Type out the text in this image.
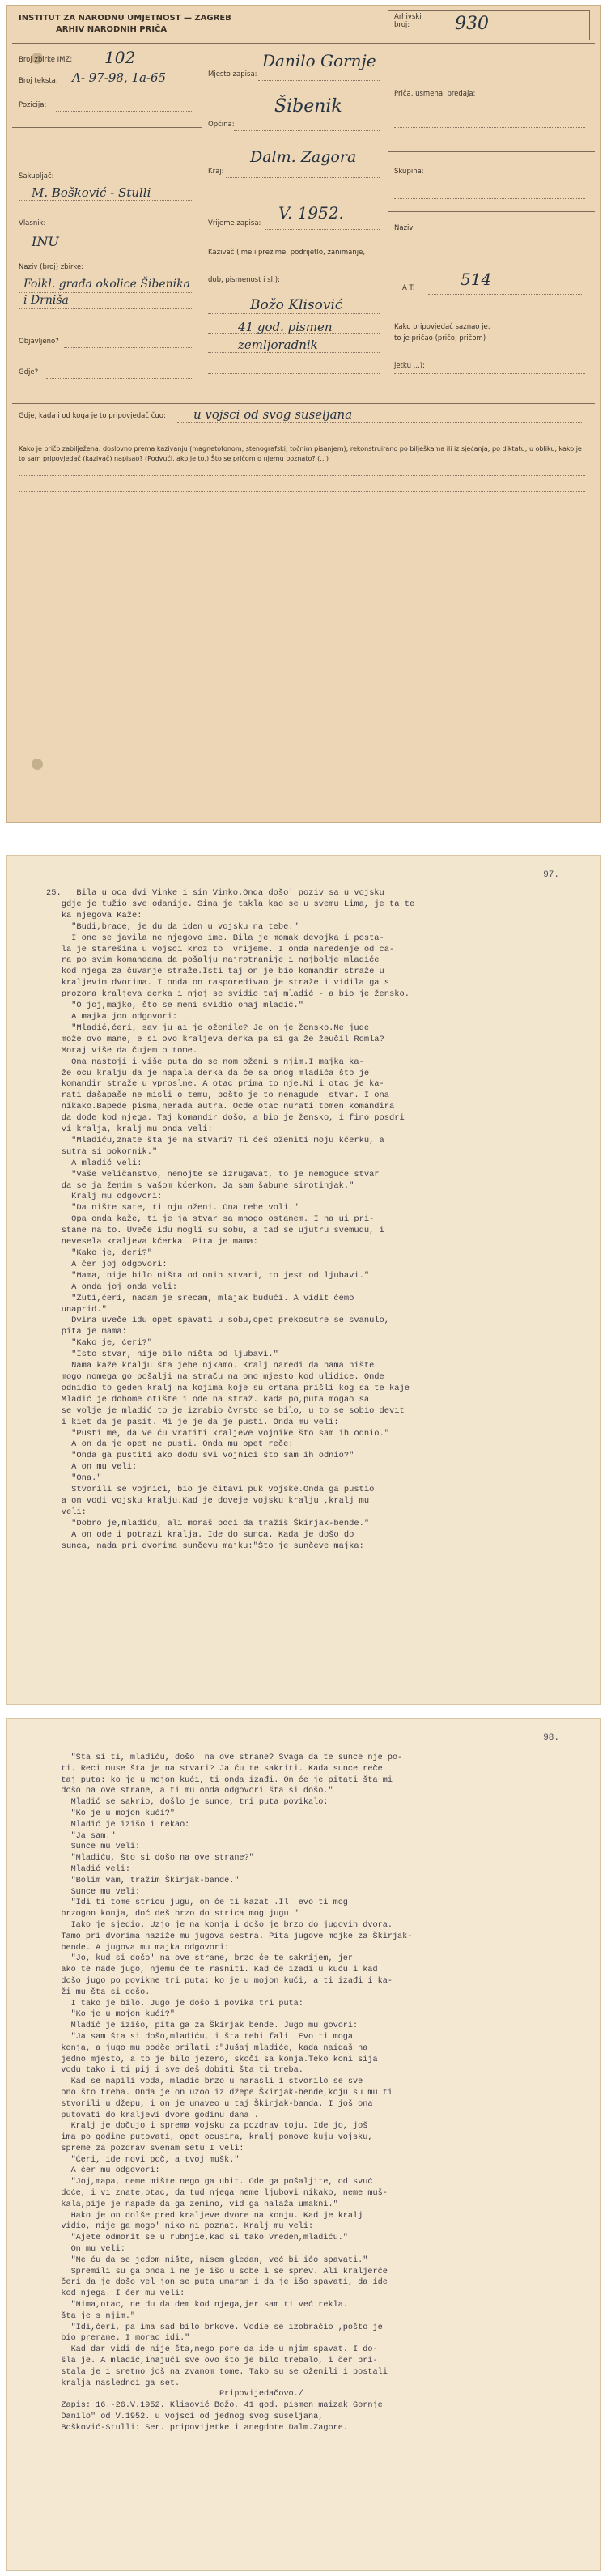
INSTITUT ZA NARODNU UMJETNOST — ZAGREB
ARHIV NARODNIH PRIČA
Arhivski broj:	930
Broj zbirke IMZ: 102
Broj teksta: A- 97-98, 1a-65
Pozicija:
Sakupljač:
M. Bošković - Stulli
Vlasnik:
INU
Naziv (broj) zbirke:
Folkl. građa okolice Šibenika i Drniša
Objavljeno?
Gdje?
Mjesto zapisa:
Danilo Gornje
Općina:
Šibenik
Kraj:
Dalm. Zagora
Vrijeme zapisa:
V. 1952.
Kazivač (ime i prezime, podrijetlo, zanimanje,
dob, pismenost i sl.):
Božo Klisović
41 god. pismen
zemljoradnik
Priča, usmena, predaja:
Skupina:
Naziv:
A T:	514
Kako pripovjedač saznao je,
to je pričao (pričo, pričom)
jetku ...):
Gdje, kada i od koga je to pripovjedač čuo: u vojsci od svog suseljana
Kako je pričo zabilježena: doslovno prema kazivanju (magnetofonom, stenografski, točnim pisanjem); rekonstruirano po bilješkama ili iz sjećanja; po diktatu; u obliku, kako je to sam pripovjedač (kazivač) napisao? (Podvući, ako je to.) Što se pričom o njemu poznato? (...)
97.
25.   Bila u oca dvi Vinke i sin Vinko.Onda došo' poziv sa u vojsku
gdje je tužio sve odanije. Sina je takla kao se u svemu Lima, je ta te
ka njegova Kaže:
"Budi,brace, je du da iden u vojsku na tebe."
I one se javila ne njegovo ime. Bila je momak devojka i posta-
la je starešina u vojsci kroz to  vrijeme. I onda naređenje od ca-
ra po svim komandama da pošalju najrotranije i najbolje mladiće
kod njega za čuvanje straže.Isti taj on je bio komandir straže u
kraljevim dvorima. I onda on rasporedivao je straže i vidila ga s
prozora kraljeva derka i njoj se svidio taj mladić - a bio je žensko.
"O joj,majko, što se meni svidio onaj mladić."
A majka jon odgovori:
"Mladić,ćeri, sav ju ai je oženile? Je on je žensko.Ne jude
može ovo mane, e si ovo kraljeva derka pa si ga že žeučil Romla?
Moraj više da čujem o tome.
Ona nastoji i više puta da se nom oženi s njim.I majka ka-
že ocu kralju da je napala derka da će sa onog mladića što je
komandir straže u vproslne. A otac prima to nje.Ni i otac je ka-
rati dašapaše ne misli o temu, pošto je to nenagude  stvar. I ona
nikako.Bapede pisma,nerada autra. Ocde otac nurati tomen komandira
da dođe kod njega. Taj komandir došo, a bio je žensko, i fino posdri
vi kralja, kralj mu onda veli:
"Mladiću,znate šta je na stvari? Ti ćeš oženiti moju kćerku, a
sutra si pokornik."
A mladić veli:
"Vaše veličanstvo, nemojte se izrugavat, to je nemoguće stvar
da se ja ženim s vašom kćerkom. Ja sam šabune sirotinjak."
Kralj mu odgovori:
"Da nište sate, ti nju oženi. Ona tebe voli."
Opa onda kaže, ti je ja stvar sa mnogo ostanem. I na ui pri-
stane na to. Uveče idu mogli su sobu, a tad se ujutru svemudu, i
nevesela kraljeva kćerka. Pita je mama:
"Kako je, deri?"
A ćer joj odgovori:
"Mama, nije bilo ništa od onih stvari, to jest od ljubavi."
A onda joj onda veli:
"Zuti,ćeri, nadam je srecam, mlajak budući. A vidit ćemo
unaprid."
Dvira uveče idu opet spavati u sobu,opet prekosutre se svanulo,
pita je mama:
"Kako je, ćeri?"
"Isto stvar, nije bilo ništa od ljubavi."
Nama kaže kralju šta jebe njkamo. Kralj naredi da nama nište
mogo nomega go pošalji na straču na ono mjesto kod ulidice. Onde
odnidio to geden kralj na kojima koje su crtama prišli kog sa te kaje
Mladić je dobome otište i ode na straž. kada po,puta mogao sa
se volje je mladić to je izrabio čvrsto se bilo, u to se sobio devit
i kiet da je pasit. Mi je je da je pusti. Onda mu veli:
"Pusti me, da ve ću vratiti kraljeve vojnike što sam ih odnio."
A on da je opet ne pusti. Onda mu opet reče:
"Onda ga pustiti ako dođu svi vojnici što sam ih odnio?"
A on mu veli:
"Ona."
Stvorili se vojnici, bio je čitavi puk vojske.Onda ga pustio
a on vodi vojsku kralju.Kad je doveje vojsku kralju ,kralj mu
veli:
"Dobro je,mladiću, ali moraš poći da tražiš Škirjak-bende."
A on ode i potrazi kralja. Ide do sunca. Kada je došo do
sunca, nada pri dvorima sunčevu majku:"Što je sunčeve majka:
98.
"Šta si ti, mladiću, došo' na ove strane? Svaga da te sunce nje po-
ti. Reci muse šta je na stvari? Ja ću te sakriti. Kada sunce reče
taj puta: ko je u mojon kući, ti onda izađi. On će je pitati šta mi
došo na ove strane, a ti mu onda odgovori šta si došo."
Mladić se sakrio, došlo je sunce, tri puta povikalo:
"Ko je u mojon kući?"
Mladić je izišo i rekao:
"Ja sam."
Sunce mu veli:
"Mladiću, što si došo na ove strane?"
Mladić veli:
"Bolim vam, tražim Škirjak-bande."
Sunce mu veli:
"Idi ti tome stricu jugu, on će ti kazat .Il' evo ti mog
brzogon konja, doć deš brzo do strica mog jugu."
Iako je sjedio. Uzjo je na konja i došo je brzo do jugovih dvora.
Tamo pri dvorima naziže mu jugova sestra. Pita jugove mojke za Škirjak-
bende. A jugova mu majka odgovori:
"Jo, kud si došo' na ove strane, brzo će te sakrijem, jer
ako te nađe jugo, njemu će te rasniti. Kad će izađi u kuću i kad
došo jugo po povikne tri puta: ko je u mojon kući, a ti izađi i ka-
ži mu šta si došo.
I tako je bilo. Jugo je došo i povika tri puta:
"Ko je u mojon kući?"
Mladić je izišo, pita ga za Škirjak bende. Jugo mu govori:
"Ja sam šta si došo,mladiću, i šta tebi fali. Evo ti moga
konja, a jugo mu podče prilati :"Jušaj mladiće, kada naidaš na
jedno mjesto, a to je bilo jezero, skoči sa konja.Teko koni sija
vodu tako i ti pij i sve deš dobiti šta ti treba.
Kad se napili voda, mladić brzo u narasli i stvorilo se sve
ono što treba. Onda je on uzoo iz džepe Škirjak-bende,koju su mu ti
stvorili u džepu, i on je umaveo u taj Škirjak-banda. I još ona
putovati do kraljevi dvore godinu dana .
Kralj je dočujo i sprema vojsku za pozdrav toju. Ide jo, još
ima po godine putovati, opet ocusira, kralj ponove kuju vojsku,
spreme za pozdrav svenam setu I veli:
"Ćeri, ide novi poč, a tvoj mušk."
A ćer mu odgovori:
"Joj,mapa, neme mište nego ga ubit. Ode ga pošaljite, od svuć
doće, i vi znate,otac, da tud njega neme ljubovi nikako, neme muš-
kala,pije je napade da ga zemino, vid ga nalaža umakni."
Hako je on dolše pred kraljeve dvore na konju. Kad je kralj
vidio, nije ga mogo' niko ni poznat. Kralj mu veli:
"Ajete odmorit se u rubnjie,kad si tako vreden,mladiću."
On mu veli:
"Ne ću da se jedom nište, nisem gledan, već bi ićo spavati."
Spremili su ga onda i ne je išo u sobe i se sprev. Ali kraljerće
čeri da je došo vel jon se puta umaran i da je išo spavati, da ide
kod njega. I ćer mu veli:
"Nima,otac, ne du da dem kod njega,jer sam ti već rekla.
šta je s njim."
"Idi,ćeri, pa ima sad bilo brkove. Vodie se izobraćio ,pošto je
bio prerane. I morao idi."
Kad dar vidi de nije šta,nego pore da ide u njim spavat. I do-
šla je. A mladić,inajući sve ovo što je bilo trebalo, i čer pri-
stala je i sretno još na zvanom tome. Tako su se oženili i postali
kralja naslednci ga set.
Pripovijedačovo./
Zapis: 16.-26.V.1952. Klisović Božo, 41 god. pismen maizak Gornje
Danilo" od V.1952. u vojsci od jednog svog suseljana,
Bošković-Stulli: Ser. pripovijetke i anegdote Dalm.Zagore.
